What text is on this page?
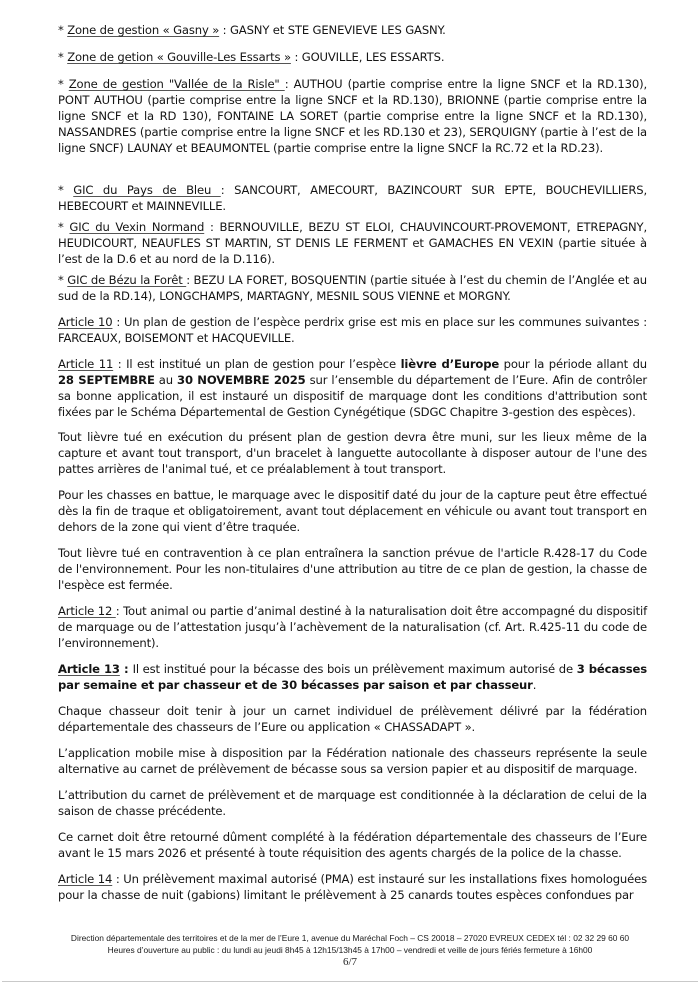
* Zone de gestion « Gasny » : GASNY et STE GENEVIEVE LES GASNY.

* Zone de getion « Gouville-Les Essarts » : GOUVILLE, LES ESSARTS.

* Zone de gestion "Vallée de la Risle" : AUTHOU (partie comprise entre la ligne SNCF et la RD.130), PONT AUTHOU (partie comprise entre la ligne SNCF et la RD.130), BRIONNE (partie comprise entre la ligne SNCF et la RD 130), FONTAINE LA SORET (partie comprise entre la ligne SNCF et la RD.130), NASSANDRES (partie comprise entre la ligne SNCF et les RD.130 et 23), SERQUIGNY (partie à l’est de la ligne SNCF) LAUNAY et BEAUMONTEL (partie comprise entre la ligne SNCF la RC.72 et la RD.23).

* GIC du Pays de Bleu : SANCOURT, AMECOURT, BAZINCOURT SUR EPTE, BOUCHEVILLIERS, HEBECOURT et MAINNEVILLE.

* GIC du Vexin Normand : BERNOUVILLE, BEZU ST ELOI, CHAUVINCOURT-PROVEMONT, ETREPAGNY, HEUDICOURT, NEAUFLES ST MARTIN, ST DENIS LE FERMENT et GAMACHES EN VEXIN (partie située à l’est de la D.6 et au nord de la D.116).

* GIC de Bézu la Forêt : BEZU LA FORET, BOSQUENTIN (partie située à l’est du chemin de l’Anglée et au sud de la RD.14), LONGCHAMPS, MARTAGNY, MESNIL SOUS VIENNE et MORGNY.

Article 10 : Un plan de gestion de l’espèce perdrix grise est mis en place sur les communes suivantes : FARCEAUX, BOISEMONT et HACQUEVILLE.

Article 11 : Il est institué un plan de gestion pour l’espèce lièvre d’Europe pour la période allant du 28 SEPTEMBRE au 30 NOVEMBRE 2025 sur l’ensemble du département de l’Eure. Afin de contrôler sa bonne application, il est instauré un dispositif de marquage dont les conditions d'attribution sont fixées par le Schéma Départemental de Gestion Cynégétique (SDGC Chapitre 3-gestion des espèces).

Tout lièvre tué en exécution du présent plan de gestion devra être muni, sur les lieux même de la capture et avant tout transport, d'un bracelet à languette autocollante à disposer autour de l'une des pattes arrières de l'animal tué, et ce préalablement à tout transport.

Pour les chasses en battue, le marquage avec le dispositif daté du jour de la capture peut être effectué dès la fin de traque et obligatoirement, avant tout déplacement en véhicule ou avant tout transport en dehors de la zone qui vient d’être traquée.

Tout lièvre tué en contravention à ce plan entraînera la sanction prévue de l'article R.428-17 du Code de l'environnement. Pour les non-titulaires d'une attribution au titre de ce plan de gestion, la chasse de l'espèce est fermée.

Article 12 : Tout animal ou partie d’animal destiné à la naturalisation doit être accompagné du dispositif de marquage ou de l’attestation jusqu’à l’achèvement de la naturalisation (cf. Art. R.425-11 du code de l’environnement).

Article 13 : Il est institué pour la bécasse des bois un prélèvement maximum autorisé de 3 bécasses par semaine et par chasseur et de 30 bécasses par saison et par chasseur.

Chaque chasseur doit tenir à jour un carnet individuel de prélèvement délivré par la fédération départementale des chasseurs de l’Eure ou application « CHASSADAPT ».

L’application mobile mise à disposition par la Fédération nationale des chasseurs représente la seule alternative au carnet de prélèvement de bécasse sous sa version papier et au dispositif de marquage.

L’attribution du carnet de prélèvement et de marquage est conditionnée à la déclaration de celui de la saison de chasse précédente.

Ce carnet doit être retourné dûment complété à la fédération départementale des chasseurs de l’Eure avant le 15 mars 2026 et présenté à toute réquisition des agents chargés de la police de la chasse.

Article 14 : Un prélèvement maximal autorisé (PMA) est instauré sur les installations fixes homologuées pour la chasse de nuit (gabions) limitant le prélèvement à 25 canards toutes espèces confondues par

Direction départementale des territoires et de la mer de l’Eure 1, avenue du Maréchal Foch – CS 20018 – 27020 EVREUX CEDEX tél : 02 32 29 60 60
Heures d’ouverture au public : du lundi au jeudi 8h45 à 12h15/13h45 à 17h00 – vendredi et veille de jours fériés fermeture à 16h00
6/7
